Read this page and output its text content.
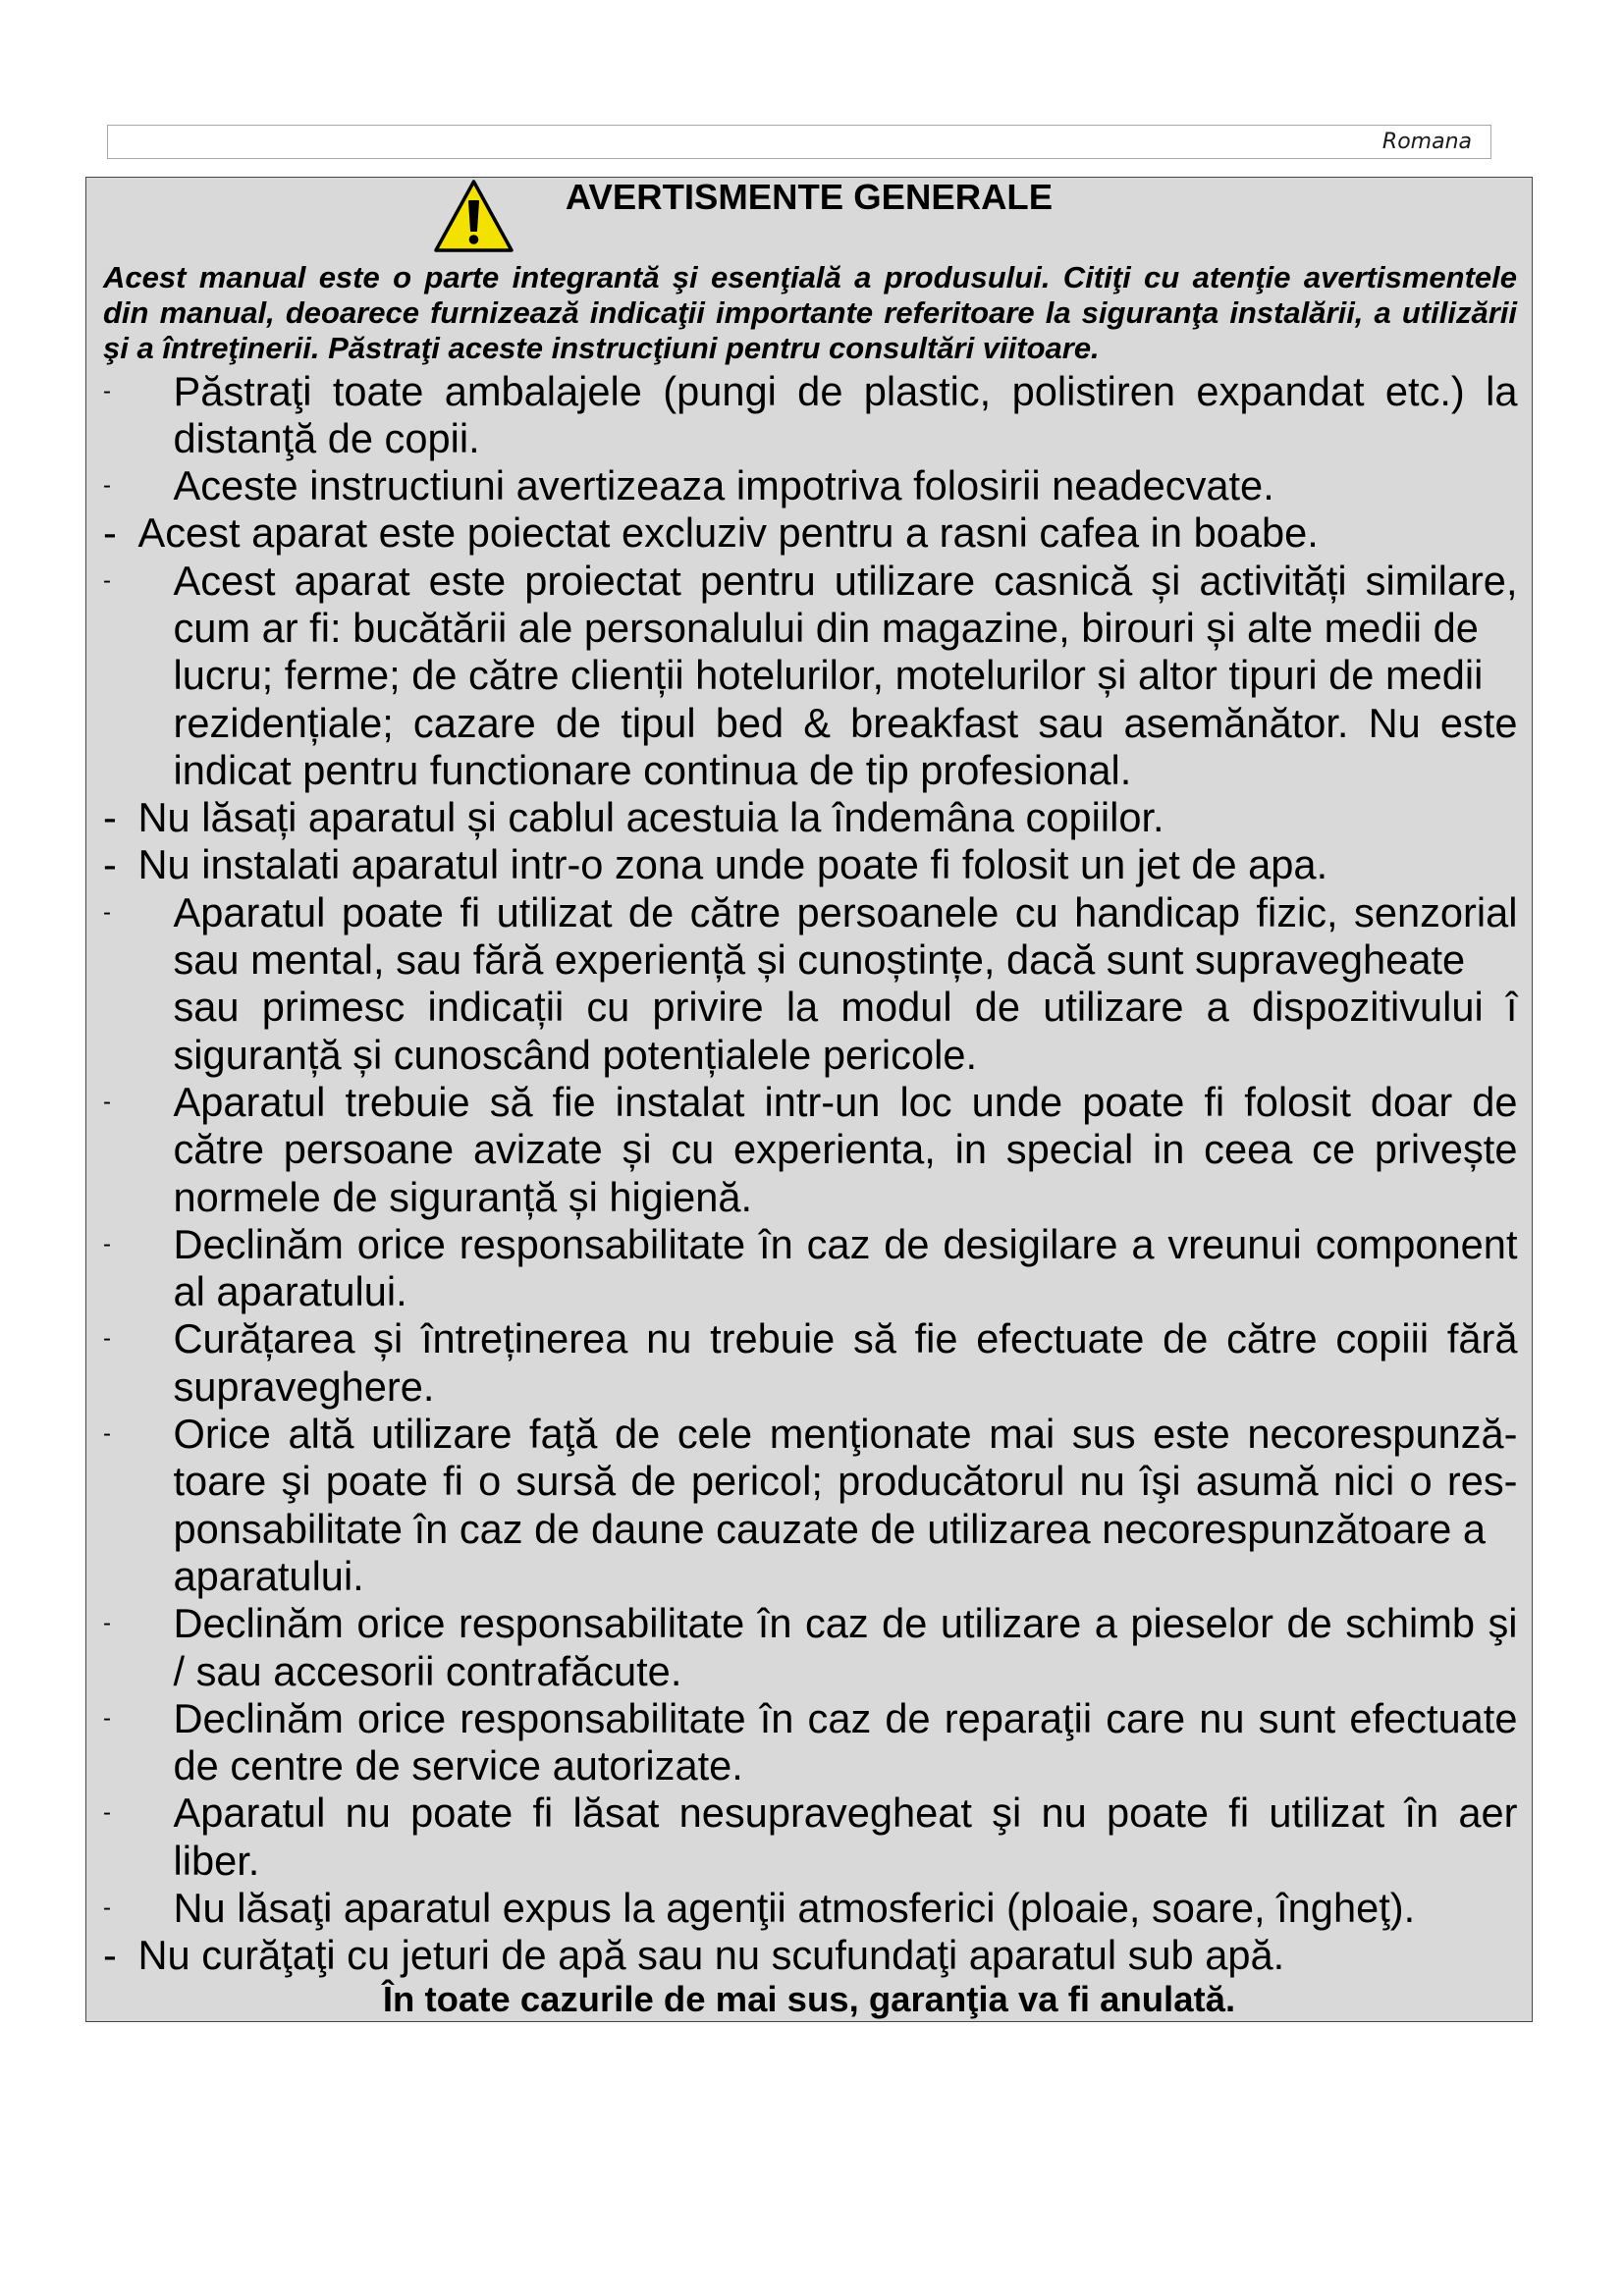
Romana
AVERTISMENTE GENERALE
Acest manual este o parte integrantă şi esenţială a produsului. Citiţi cu atenţie avertismentele
din manual, deoarece furnizează indicaţii importante referitoare la siguranţa instalării, a utilizării
şi a întreţinerii. Păstraţi aceste instrucţiuni pentru consultări viitoare.
- Păstraţi toate ambalajele (pungi de plastic, polistiren expandat etc.) la
distanţă de copii.
- Aceste instructiuni avertizeaza impotriva folosirii neadecvate.
- Acest aparat este poiectat excluziv pentru a rasni cafea in boabe.
- Acest aparat este proiectat pentru utilizare casnică și activități similare,
cum ar fi: bucătării ale personalului din magazine, birouri și alte medii de
lucru; ferme; de către clienții hotelurilor, motelurilor și altor tipuri de medii
rezidențiale; cazare de tipul bed & breakfast sau asemănător. Nu este
indicat pentru functionare continua de tip profesional.
- Nu lăsați aparatul și cablul acestuia la îndemâna copiilor.
- Nu instalati aparatul intr-o zona unde poate fi folosit un jet de apa.
- Aparatul poate fi utilizat de către persoanele cu handicap fizic, senzorial
sau mental, sau fără experiență și cunoștințe, dacă sunt supravegheate
sau primesc indicații cu privire la modul de utilizare a dispozitivului î
siguranță și cunoscând potențialele pericole.
- Aparatul trebuie să fie instalat intr-un loc unde poate fi folosit doar de
către persoane avizate și cu experienta, in special in ceea ce privește
normele de siguranță și higienă.
- Declinăm orice responsabilitate în caz de desigilare a vreunui component
al aparatului.
- Curățarea și întreținerea nu trebuie să fie efectuate de către copiii fără
supraveghere.
- Orice altă utilizare faţă de cele menţionate mai sus este necorespunză-
toare şi poate fi o sursă de pericol; producătorul nu îşi asumă nici o res-
ponsabilitate în caz de daune cauzate de utilizarea necorespunzătoare a
aparatului.
- Declinăm orice responsabilitate în caz de utilizare a pieselor de schimb şi
/ sau accesorii contrafăcute.
- Declinăm orice responsabilitate în caz de reparaţii care nu sunt efectuate
de centre de service autorizate.
- Aparatul nu poate fi lăsat nesupravegheat şi nu poate fi utilizat în aer
liber.
- Nu lăsaţi aparatul expus la agenţii atmosferici (ploaie, soare, îngheţ).
- Nu curăţaţi cu jeturi de apă sau nu scufundaţi aparatul sub apă.
În toate cazurile de mai sus, garanţia va fi anulată.
